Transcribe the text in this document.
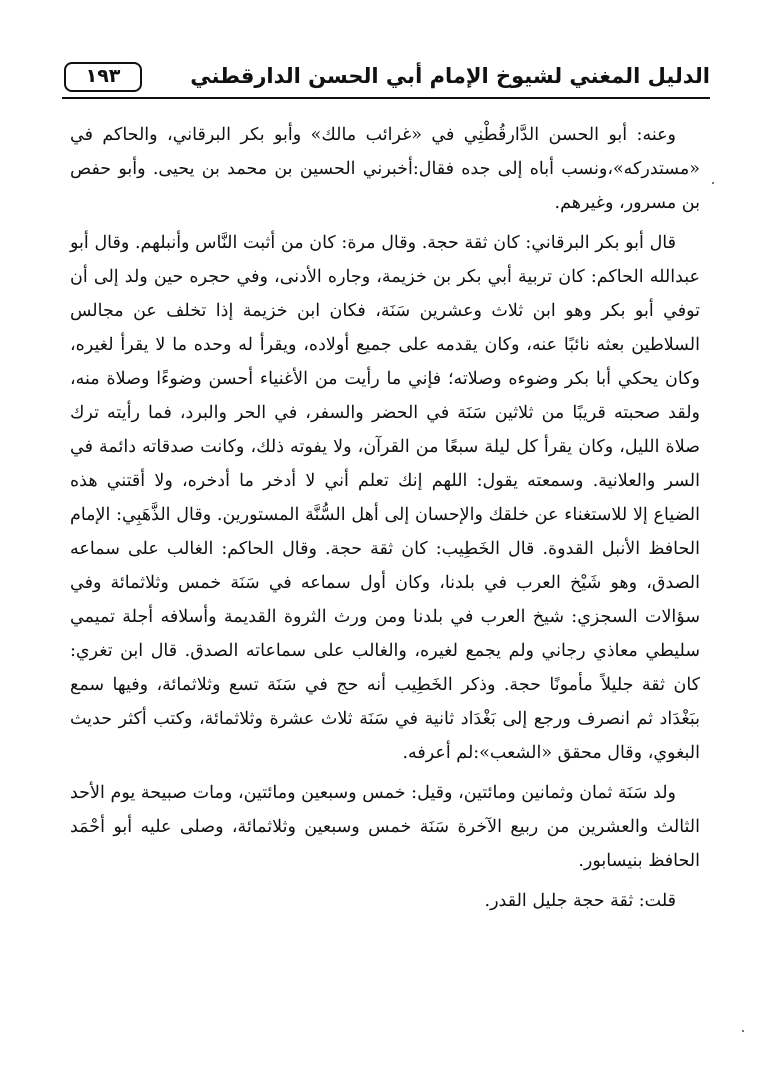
١٩٣	الدليل المغني لشيوخ الإمام أبي الحسن الدارقطني

وعنه: أبو الحسن الدَّارقُطْنِي في «غرائب مالك» وأبو بكر البرقاني، والحاكم في «مستدركه»،ونسب أباه إلى جده فقال:أخبرني الحسين بن محمد بن يحيى. وأبو حفص بن مسرور، وغيرهم.

قال أبو بكر البرقاني: كان ثقة حجة. وقال مرة: كان من أثبت النَّاس وأنبلهم. وقال أبو عبدالله الحاكم: كان تربية أبي بكر بن خزيمة، وجاره الأدنى، وفي حجره حين ولد إلى أن توفي أبو بكر وهو ابن ثلاث وعشرين سَنَة، فكان ابن خزيمة إذا تخلف عن مجالس السلاطين بعثه نائبًا عنه، وكان يقدمه على جميع أولاده، ويقرأ له وحده ما لا يقرأ لغيره، وكان يحكي أبا بكر وضوءه وصلاته؛ فإني ما رأيت من الأغنياء أحسن وضوءًا وصلاة منه، ولقد صحبته قريبًا من ثلاثين سَنَة في الحضر والسفر، في الحر والبرد، فما رأيته ترك صلاة الليل، وكان يقرأ كل ليلة سبعًا من القرآن، ولا يفوته ذلك، وكانت صدقاته دائمة في السر والعلانية. وسمعته يقول: اللهم إنك تعلم أني لا أدخر ما أدخره، ولا أقتني هذه الضياع إلا للاستغناء عن خلقك والإحسان إلى أهل السُّنَّة المستورين. وقال الذَّهَبِي: الإمام الحافظ الأنبل القدوة. قال الخَطِيب: كان ثقة حجة. وقال الحاكم: الغالب على سماعه الصدق، وهو شَيْخ العرب في بلدنا، وكان أول سماعه في سَنَة خمس وثلاثمائة وفي سؤالات السجزي: شيخ العرب في بلدنا ومن ورث الثروة القديمة وأسلافه أجلة تميمي سليطي معاذي رجاني ولم يجمع لغيره، والغالب على سماعاته الصدق. قال ابن تغري: كان ثقة جليلاً مأمونًا حجة. وذكر الخَطِيب أنه حج في سَنَة تسع وثلاثمائة، وفيها سمع ببَغْدَاد ثم انصرف ورجع إلى بَغْدَاد ثانية في سَنَة ثلاث عشرة وثلاثمائة، وكتب أكثر حديث البغوي، وقال محقق «الشعب»:لم أعرفه.

ولد سَنَة ثمان وثمانين ومائتين، وقيل: خمس وسبعين ومائتين، ومات صبيحة يوم الأحد الثالث والعشرين من ربيع الآخرة سَنَة خمس وسبعين وثلاثمائة، وصلى عليه أبو أحْمَد الحافظ بنيسابور.

قلت: ثقة حجة جليل القدر.
